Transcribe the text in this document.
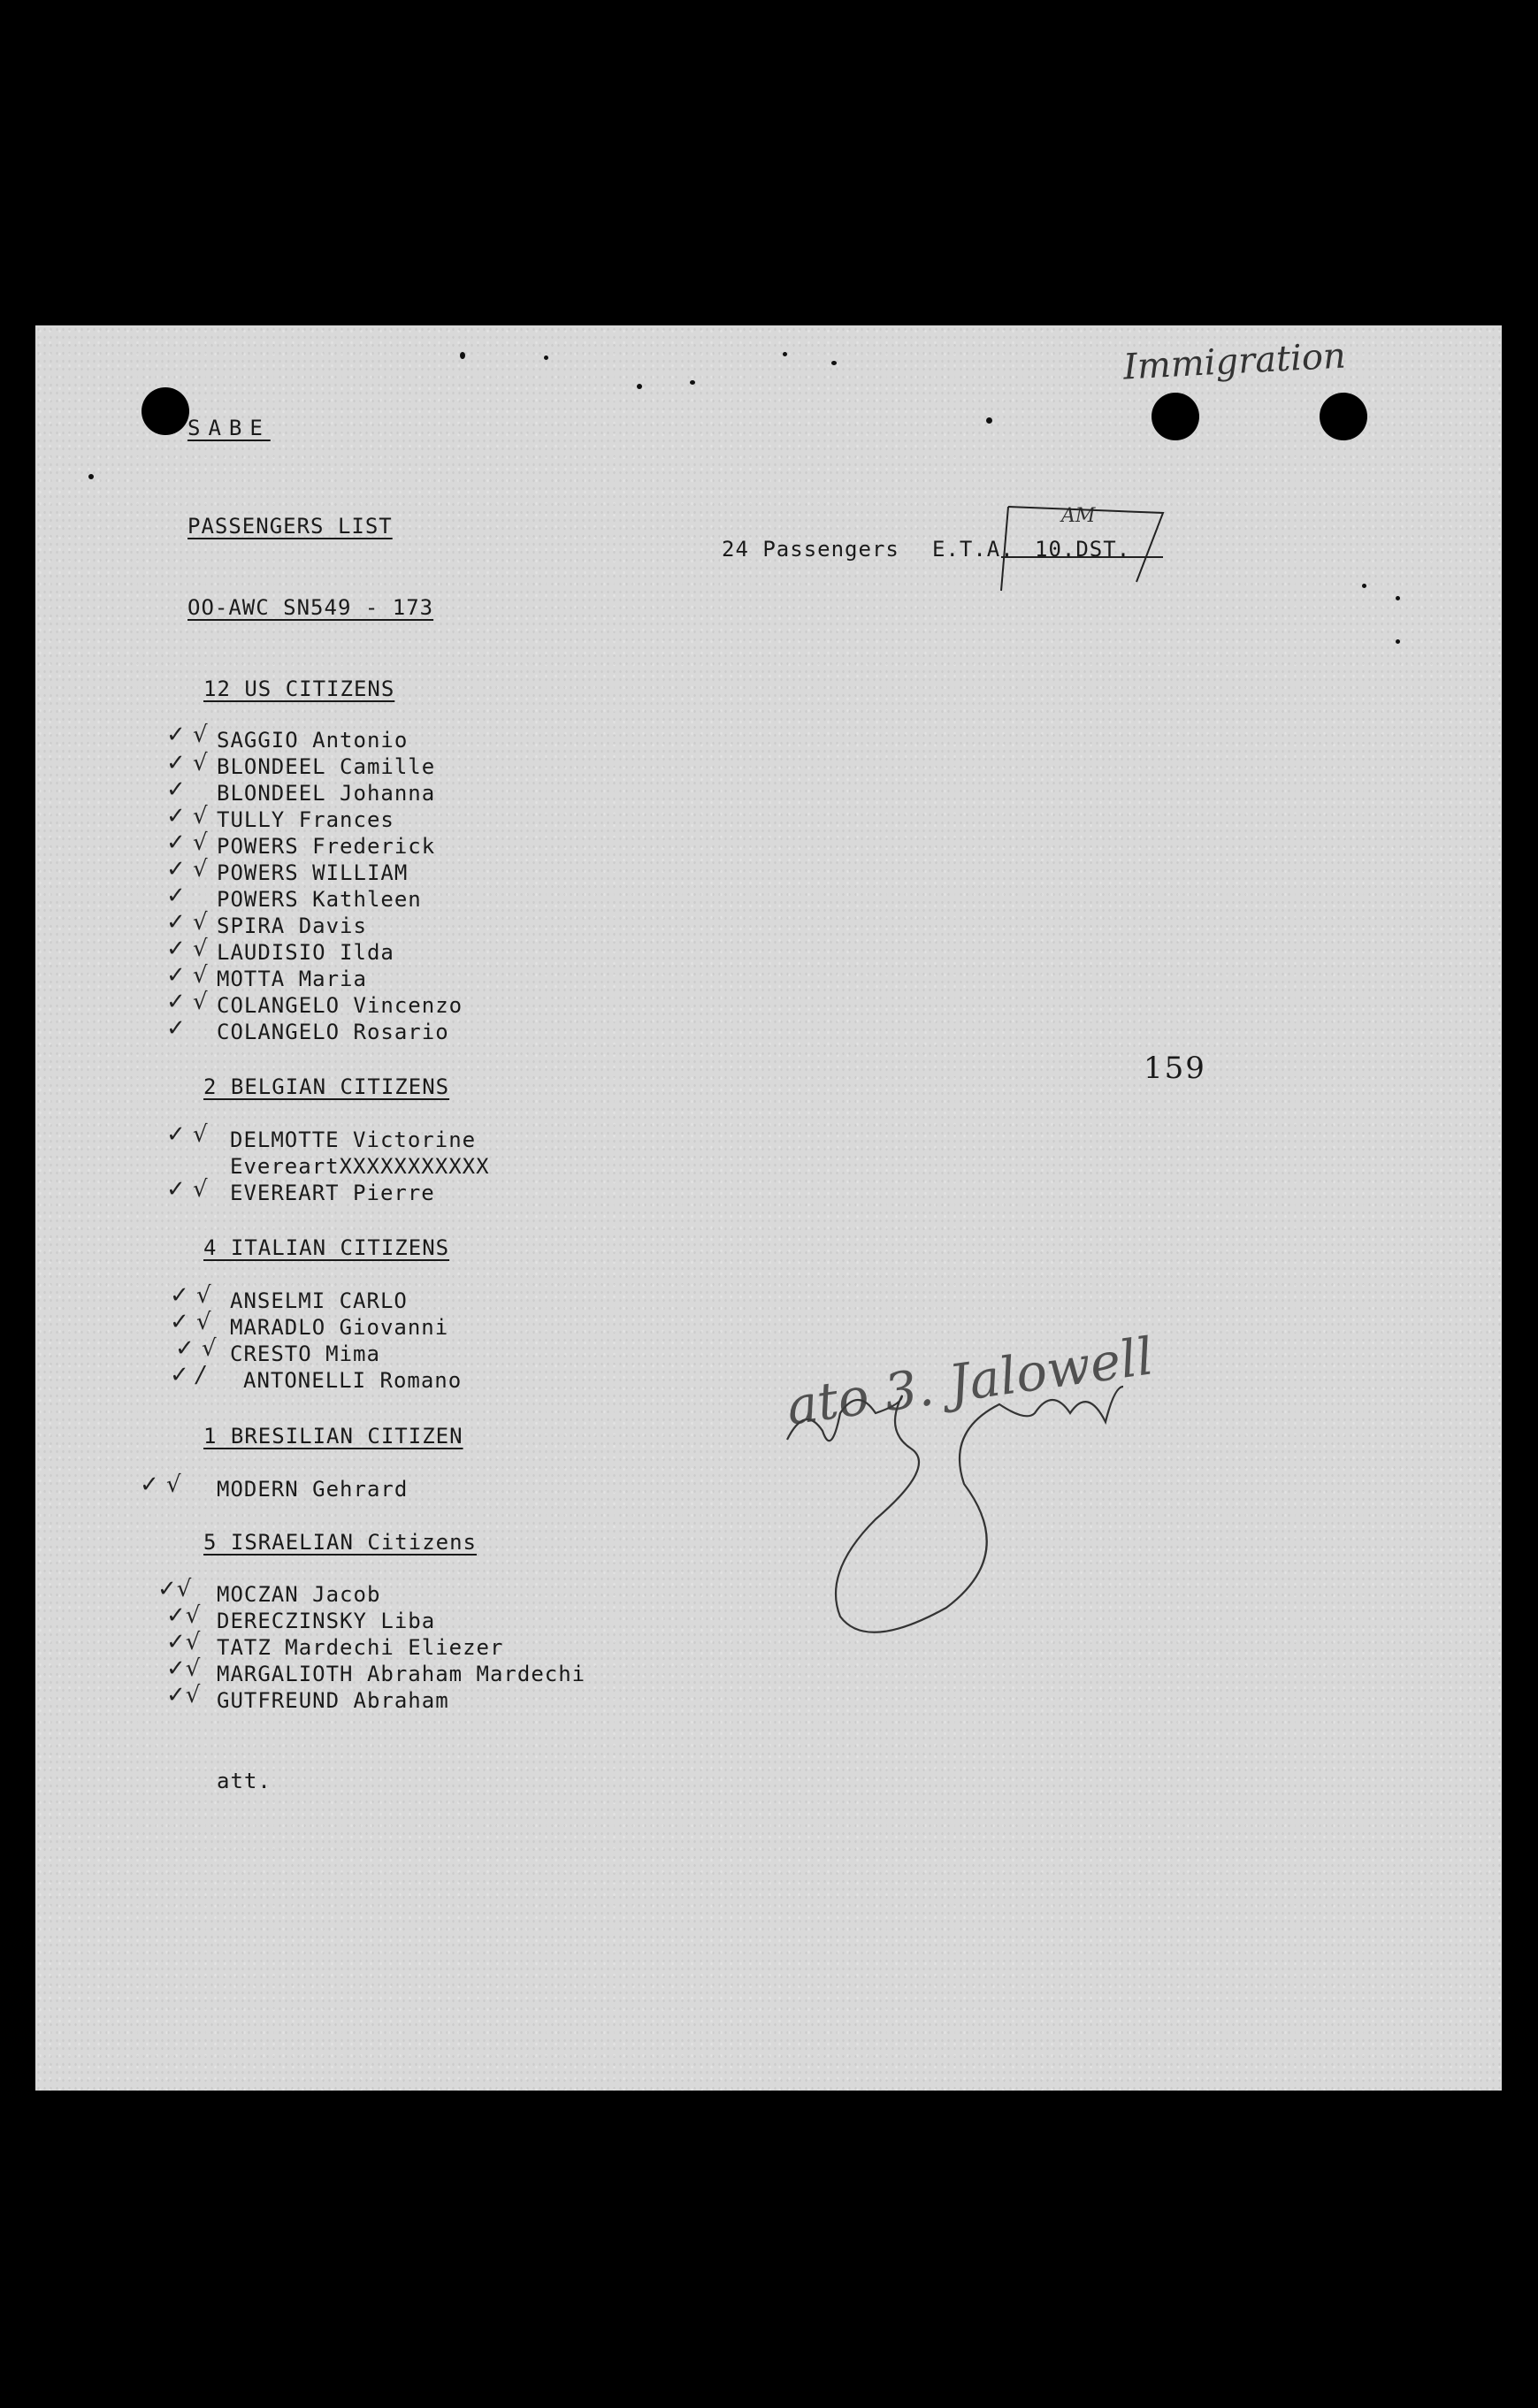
SABE
Immigration
PASSENGERS LIST
OO-AWC SN549 - 173
24 Passengers E.T.A. 10.DST.
AM
12 US CITIZENS
SAGGIO Antonio
BLONDEEL Camille
BLONDEEL Johanna
TULLY Frances
POWERS Frederick
POWERS WILLIAM
POWERS Kathleen
SPIRA Davis
LAUDISIO Ilda
MOTTA Maria
COLANGELO Vincenzo
COLANGELO Rosario
2 BELGIAN CITIZENS
DELMOTTE Victorine
EvereartXXXXXXXXXXX
EVEREART Pierre
4 ITALIAN CITIZENS
ANSELMI CARLO
MARADLO Giovanni
CRESTO Mima
ANTONELLI Romano
1 BRESILIAN CITIZEN
MODERN Gehrard
5 ISRAELIAN Citizens
MOCZAN Jacob
DERECZINSKY Liba
TATZ Mardechi Eliezer
MARGALIOTH Abraham Mardechi
GUTFREUND Abraham
att.
159
✓ √
✓ √
✓
✓ √
✓ √
✓ √
✓
✓ √
✓ √
✓ √
✓ √
✓
✓ √
✓ √
✓ √
✓ √
✓ √
✓ /
✓ √
✓√
✓√
✓√
✓√
✓√
ato 3. Jalowell
